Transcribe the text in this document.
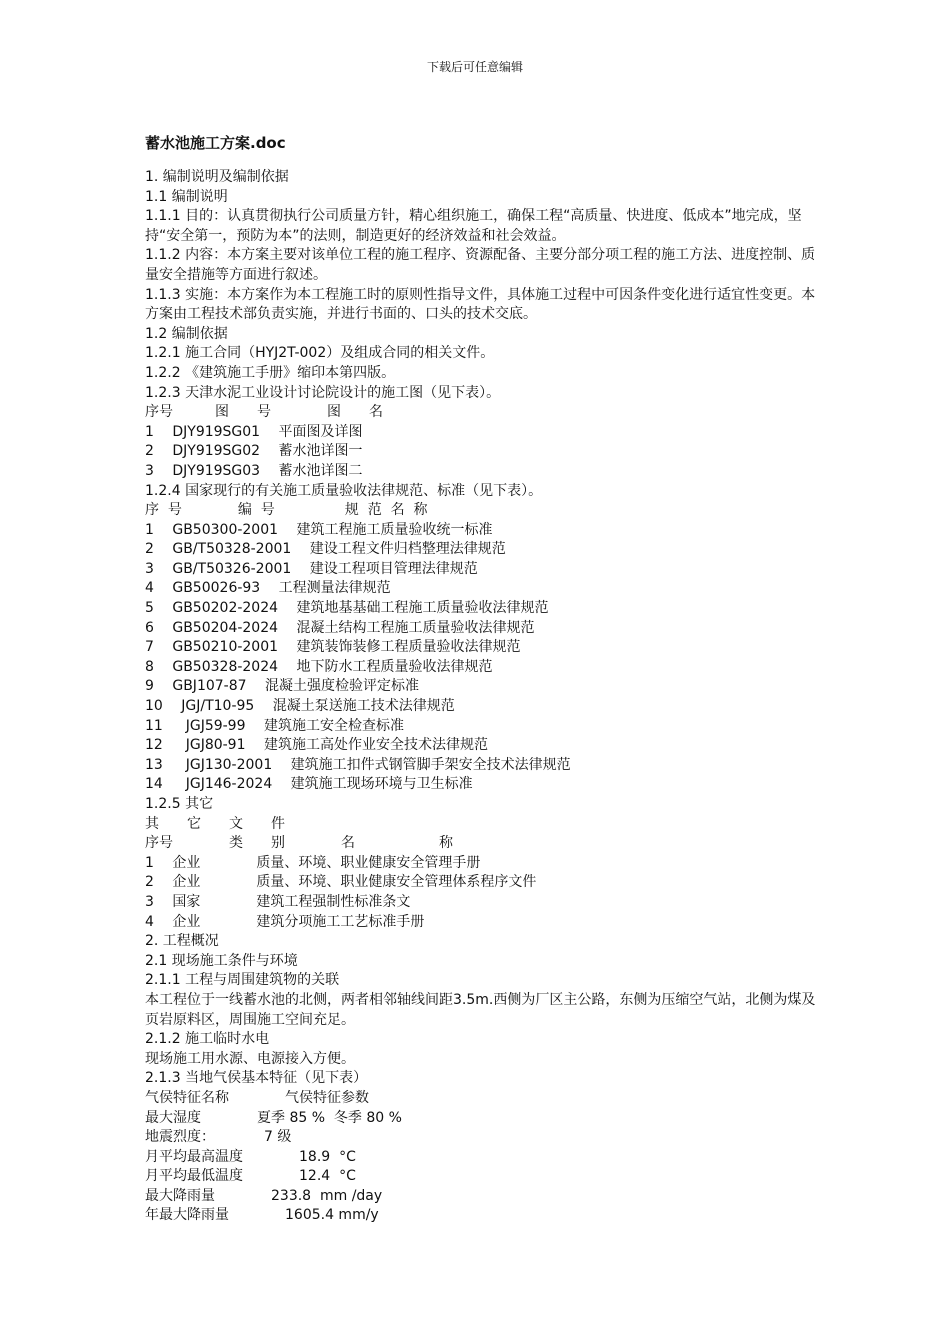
下载后可任意编辑
蓄水池施工方案.doc
1. 编制说明及编制依据
1.1 编制说明
1.1.1 目的：认真贯彻执行公司质量方针，精心组织施工，确保工程“高质量、快进度、低成本”地完成，坚持“安全第一，预防为本”的法则，制造更好的经济效益和社会效益。
1.1.2 内容：本方案主要对该单位工程的施工程序、资源配备、主要分部分项工程的施工方法、进度控制、质量安全措施等方面进行叙述。
1.1.3 实施：本方案作为本工程施工时的原则性指导文件，具体施工过程中可因条件变化进行适宜性变更。本方案由工程技术部负责实施，并进行书面的、口头的技术交底。
1.2 编制依据
1.2.1 施工合同（HYJ2T-002）及组成合同的相关文件。
1.2.2 《建筑施工手册》缩印本第四版。
1.2.3 天津水泥工业设计讨论院设计的施工图（见下表）。
序号　　　图　　号　　　　图　　名
1　 DJY919SG01　 平面图及详图
2　 DJY919SG02　 蓄水池详图一
3　 DJY919SG03　 蓄水池详图二
1.2.4 国家现行的有关施工质量验收法律规范、标准（见下表）。
序  号　　　　编  号　　　　　规  范  名  称
1　 GB50300-2001　 建筑工程施工质量验收统一标准
2　 GB/T50328-2001　 建设工程文件归档整理法律规范
3　 GB/T50326-2001　 建设工程项目管理法律规范
4　 GB50026-93　 工程测量法律规范
5　 GB50202-2024　 建筑地基基础工程施工质量验收法律规范
6　 GB50204-2024　 混凝土结构工程施工质量验收法律规范
7　 GB50210-2001　 建筑装饰装修工程质量验收法律规范
8　 GB50328-2024　 地下防水工程质量验收法律规范
9　 GBJ107-87　 混凝土强度检验评定标准
10　 JGJ/T10-95　 混凝土泵送施工技术法律规范
11　  JGJ59-99　 建筑施工安全检查标准
12　  JGJ80-91　 建筑施工高处作业安全技术法律规范
13　  JGJ130-2001　 建筑施工扣件式钢管脚手架安全技术法律规范
14　  JGJ146-2024　 建筑施工现场环境与卫生标准
1.2.5 其它
其　　它　　文　　件
序号　　　　类　　别　　　　名　　　　　　称
1　 企业　　　　质量、环境、职业健康安全管理手册
2　 企业　　　　质量、环境、职业健康安全管理体系程序文件
3　 国家　　　　建筑工程强制性标准条文
4　 企业　　　　建筑分项施工工艺标准手册
2. 工程概况
2.1 现场施工条件与环境
2.1.1 工程与周围建筑物的关联
本工程位于一线蓄水池的北侧，两者相邻轴线间距3.5m.西侧为厂区主公路，东侧为压缩空气站，北侧为煤及页岩原料区，周围施工空间充足。
2.1.2 施工临时水电
现场施工用水源、电源接入方便。
2.1.3 当地气侯基本特征（见下表）
气侯特征名称　　　　气侯特征参数
最大湿度　　　　夏季 85 %  冬季 80 %
地震烈度：　　　　7 级
月平均最高温度　　　　18.9  °C
月平均最低温度　　　　12.4  °C
最大降雨量　　　　233.8  mm /day
年最大降雨量　　　　1605.4 mm/y
